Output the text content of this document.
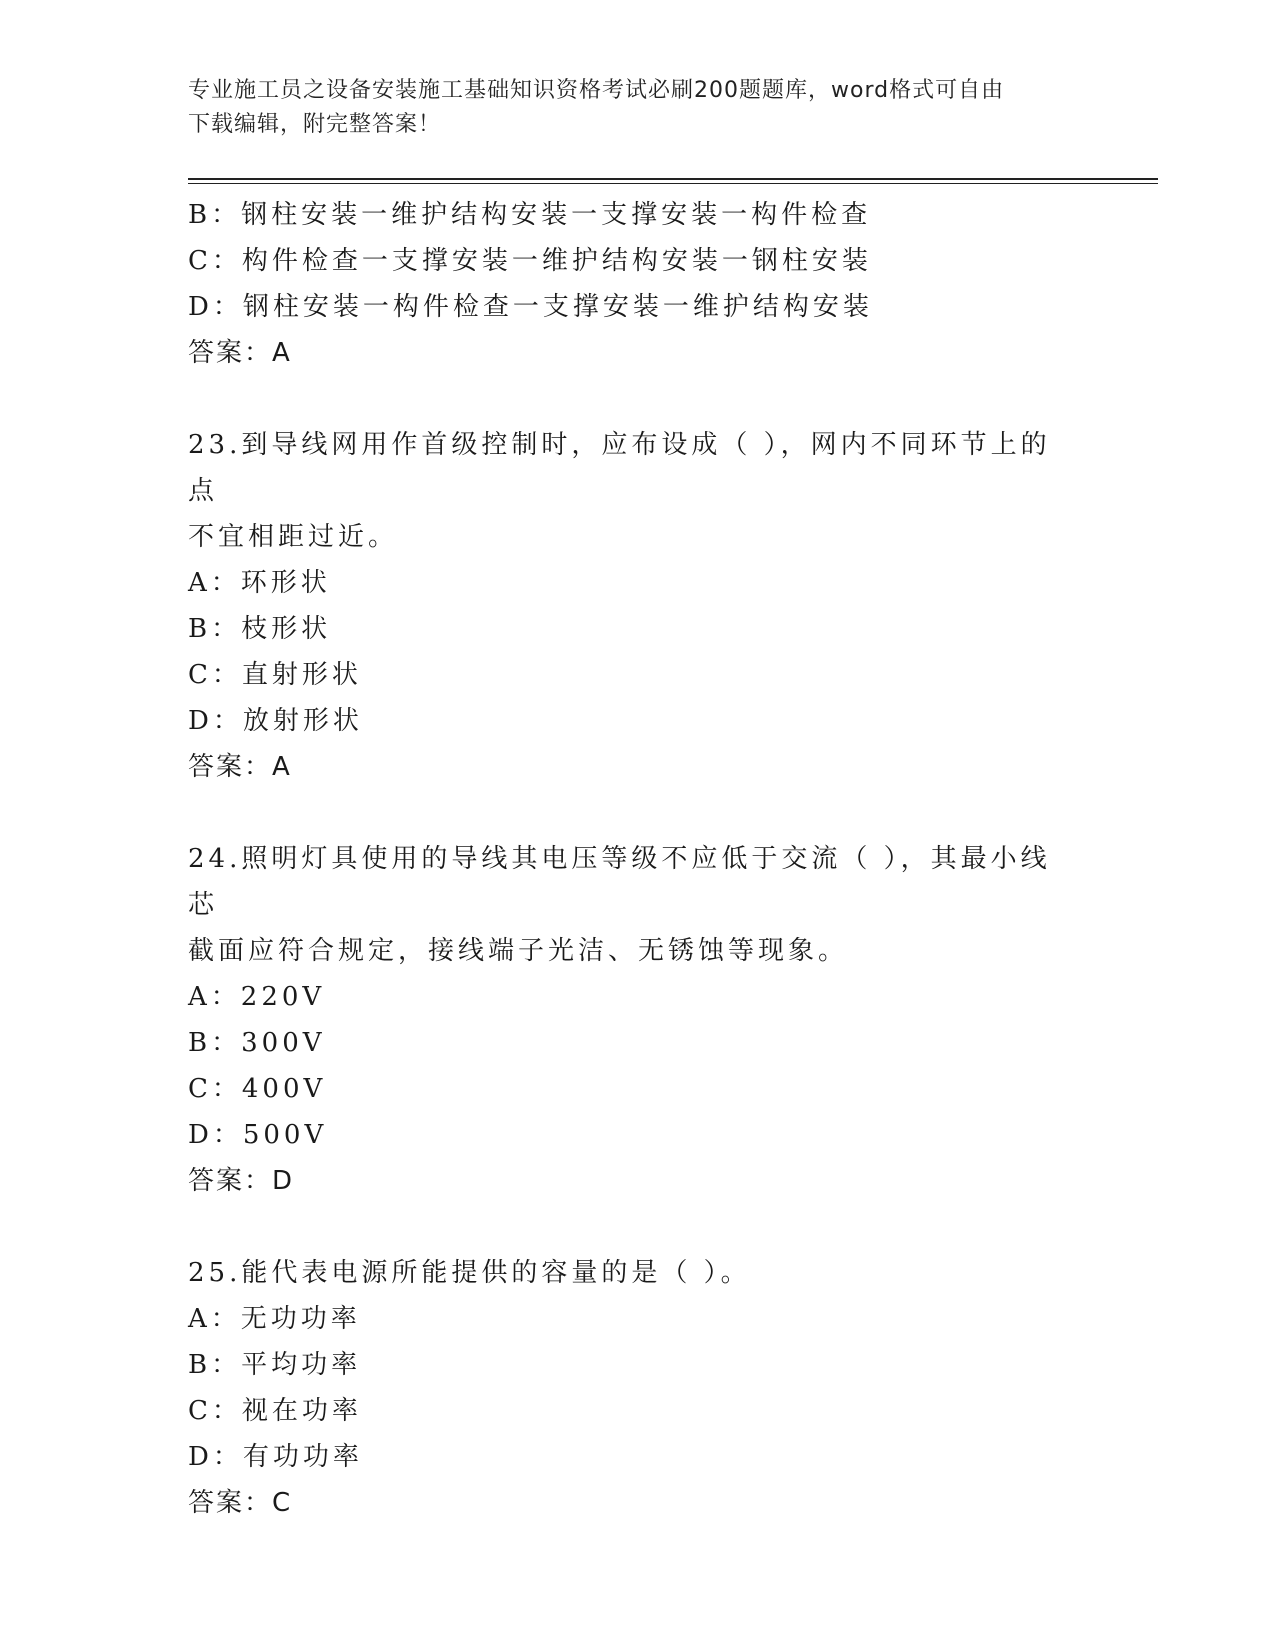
专业施工员之设备安装施工基础知识资格考试必刷200题题库，word格式可自由
下载编辑，附完整答案！
B：钢柱安装一维护结构安装一支撑安装一构件检查
C：构件检查一支撑安装一维护结构安装一钢柱安装
D：钢柱安装一构件检查一支撑安装一维护结构安装
答案：A
23.到导线网用作首级控制时，应布设成（ ），网内不同环节上的点
不宜相距过近。
A：环形状
B：枝形状
C：直射形状
D：放射形状
答案：A
24.照明灯具使用的导线其电压等级不应低于交流（ ），其最小线芯
截面应符合规定，接线端子光洁、无锈蚀等现象。
A：220V
B：300V
C：400V
D：500V
答案：D
25.能代表电源所能提供的容量的是（ ）。
A：无功功率
B：平均功率
C：视在功率
D：有功功率
答案：C
